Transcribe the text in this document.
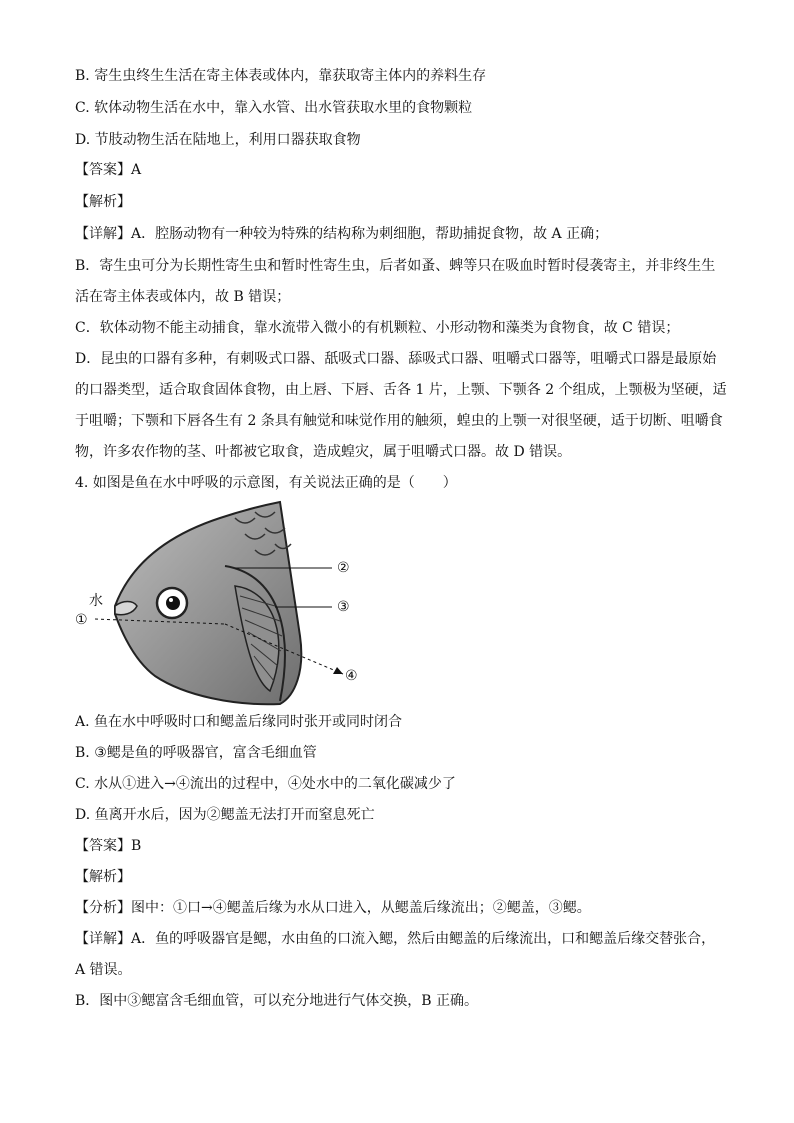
B. 寄生虫终生生活在寄主体表或体内，靠获取寄主体内的养料生存
C. 软体动物生活在水中，靠入水管、出水管获取水里的食物颗粒
D. 节肢动物生活在陆地上，利用口器获取食物
【答案】A
【解析】
【详解】A．腔肠动物有一种较为特殊的结构称为刺细胞，帮助捕捉食物，故 A 正确；
B．寄生虫可分为长期性寄生虫和暂时性寄生虫，后者如蚤、蜱等只在吸血时暂时侵袭寄主，并非终生生
活在寄主体表或体内，故 B 错误；
C．软体动物不能主动捕食，靠水流带入微小的有机颗粒、小形动物和藻类为食物食，故 C 错误；
D．昆虫的口器有多种，有刺吸式口器、舐吸式口器、舔吸式口器、咀嚼式口器等，咀嚼式口器是最原始
的口器类型，适合取食固体食物，由上唇、下唇、舌各 1 片，上颚、下颚各 2 个组成，上颚极为坚硬，适
于咀嚼；下颚和下唇各生有 2 条具有触觉和味觉作用的触须，蝗虫的上颚一对很坚硬，适于切断、咀嚼食
物，许多农作物的茎、叶都被它取食，造成蝗灾，属于咀嚼式口器。故 D 错误。
4. 如图是鱼在水中呼吸的示意图，有关说法正确的是（　　）
水
①
②
③
④
A. 鱼在水中呼吸时口和鳃盖后缘同时张开或同时闭合
B. ③鳃是鱼的呼吸器官，富含毛细血管
C. 水从①进入→④流出的过程中，④处水中的二氧化碳减少了
D. 鱼离开水后，因为②鳃盖无法打开而窒息死亡
【答案】B
【解析】
【分析】图中：①口→④鳃盖后缘为水从口进入，从鳃盖后缘流出；②鳃盖，③鳃。
【详解】A．鱼的呼吸器官是鳃，水由鱼的口流入鳃，然后由鳃盖的后缘流出，口和鳃盖后缘交替张合，
A 错误。
B．图中③鳃富含毛细血管，可以充分地进行气体交换，B 正确。
